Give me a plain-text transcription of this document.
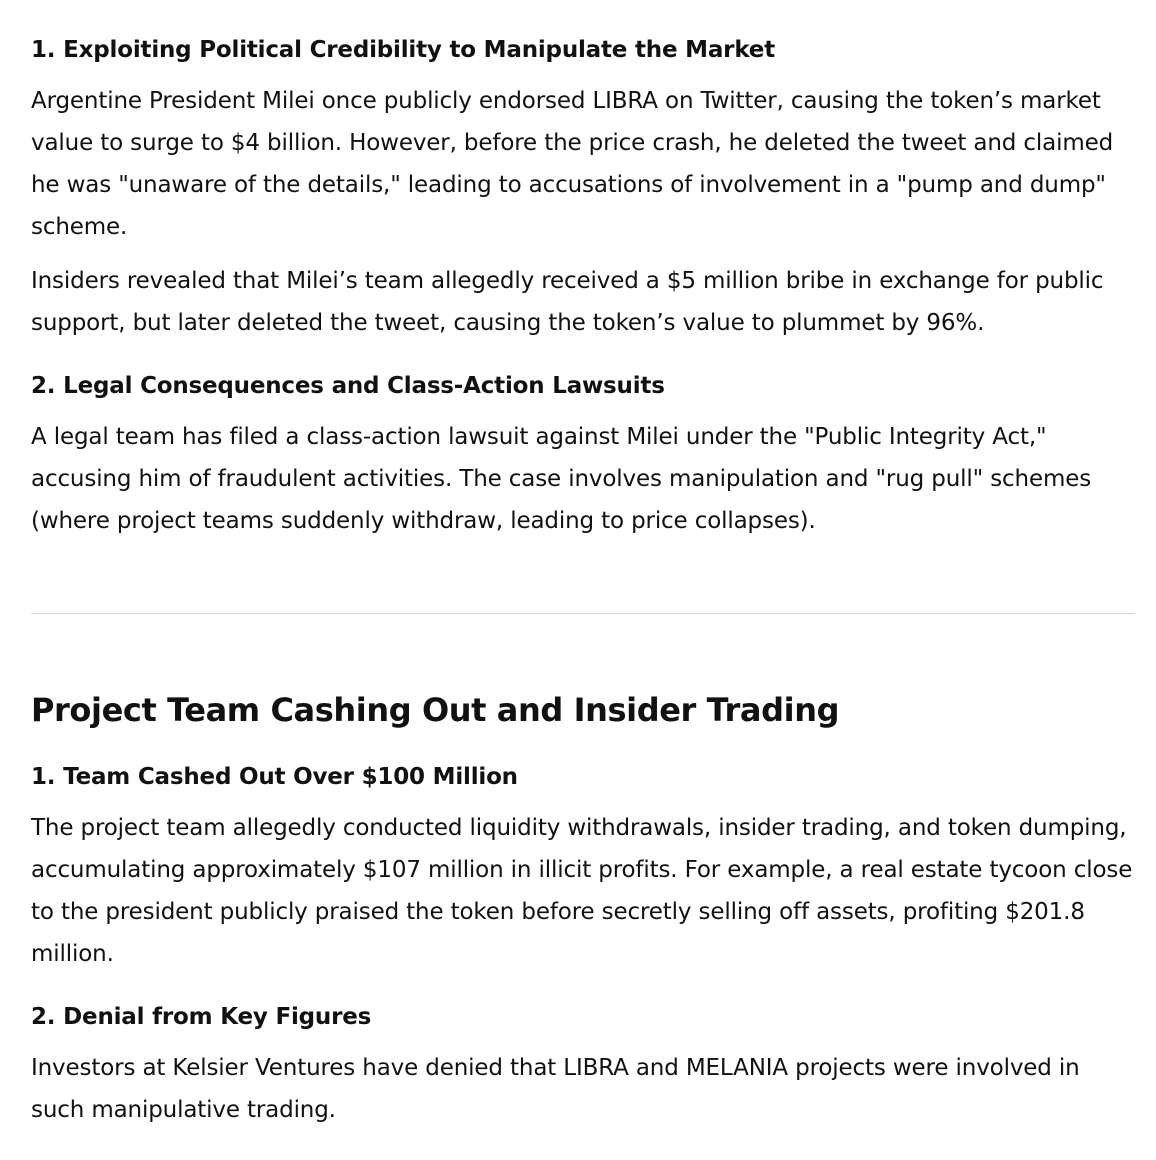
1. Exploiting Political Credibility to Manipulate the Market

Argentine President Milei once publicly endorsed LIBRA on Twitter, causing the token’s market value to surge to $4 billion. However, before the price crash, he deleted the tweet and claimed he was "unaware of the details," leading to accusations of involvement in a "pump and dump" scheme.

Insiders revealed that Milei’s team allegedly received a $5 million bribe in exchange for public support, but later deleted the tweet, causing the token’s value to plummet by 96%.

2. Legal Consequences and Class-Action Lawsuits

A legal team has filed a class-action lawsuit against Milei under the "Public Integrity Act," accusing him of fraudulent activities. The case involves manipulation and "rug pull" schemes (where project teams suddenly withdraw, leading to price collapses).

Project Team Cashing Out and Insider Trading
1. Team Cashed Out Over $100 Million

The project team allegedly conducted liquidity withdrawals, insider trading, and token dumping, accumulating approximately $107 million in illicit profits. For example, a real estate tycoon close to the president publicly praised the token before secretly selling off assets, profiting $201.8 million.

2. Denial from Key Figures

Investors at Kelsier Ventures have denied that LIBRA and MELANIA projects were involved in such manipulative trading.
